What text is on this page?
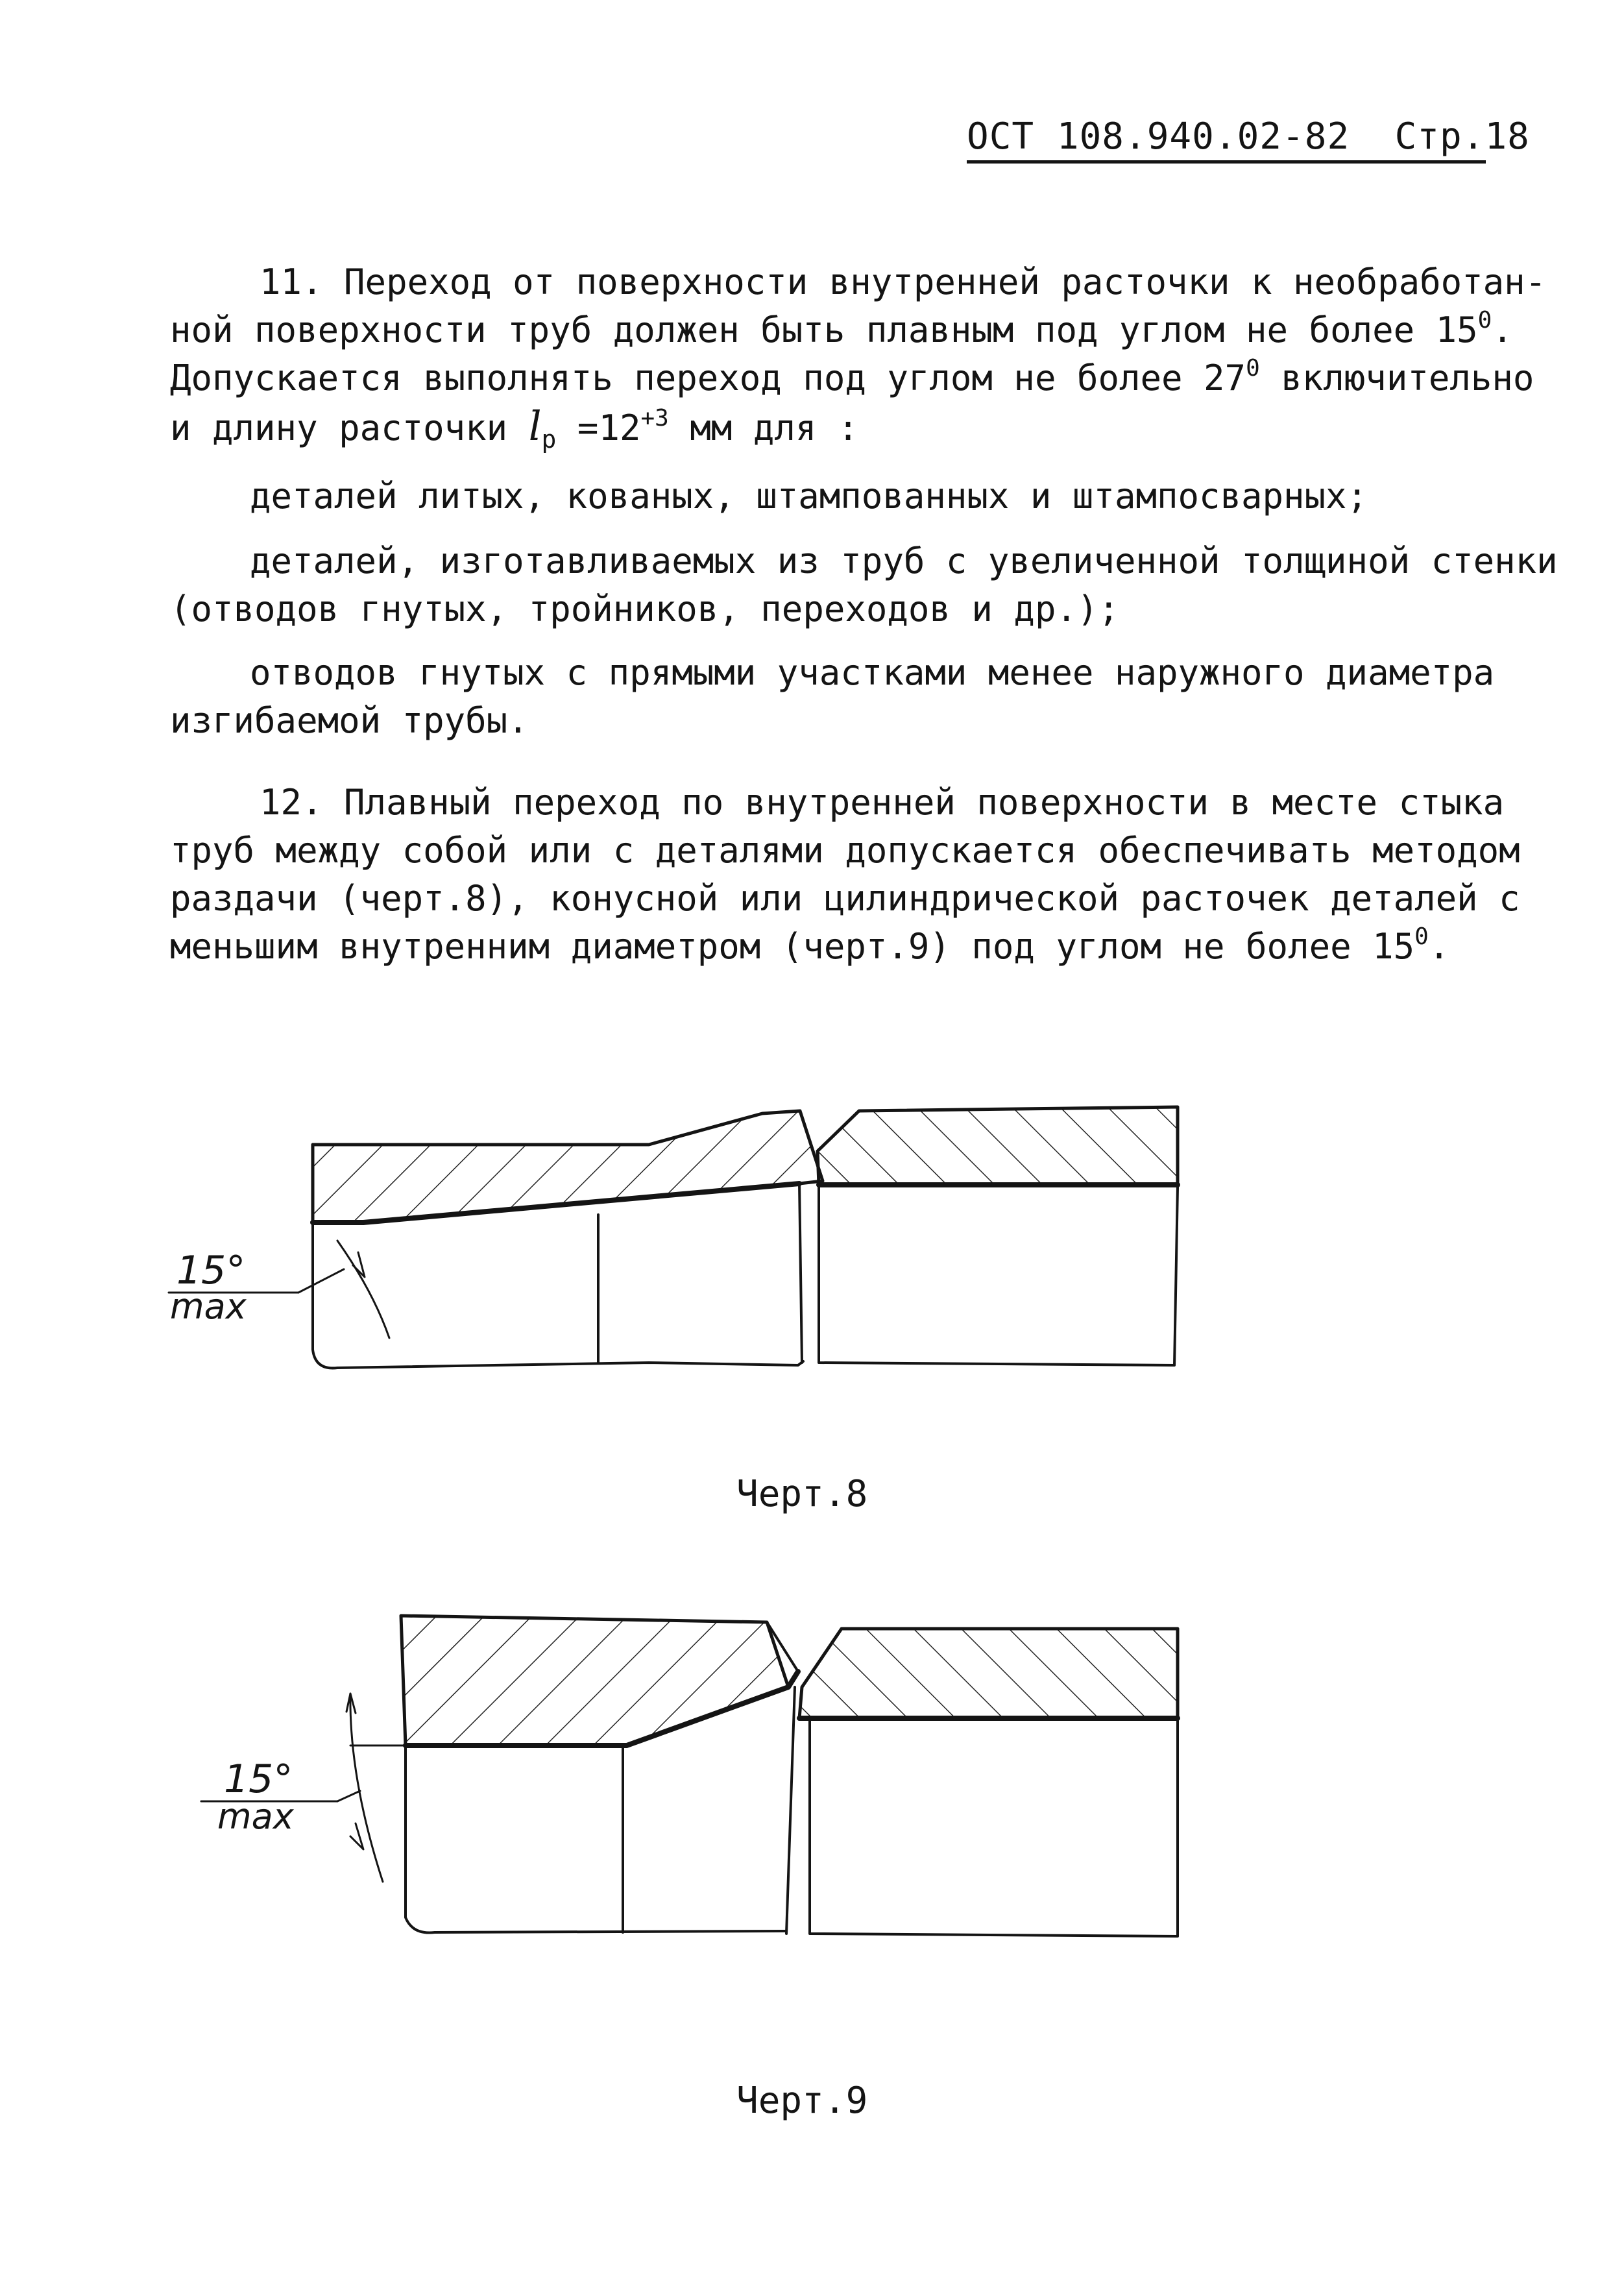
ОСТ 108.940.02-82 Стр.18
11. Переход от поверхности внутренней расточки к необработан-
ной поверхности труб должен быть плавным под углом не более $15^0$.
Допускается выполнять переход под углом не более $27^0$ включительно
и длину расточки $l_р =12^{+3}$ мм для :
деталей литых, кованых, штампованных и штампосварных;
деталей, изготавливаемых из труб с увеличенной толщиной стенки
(отводов гнутых, тройников, переходов и др.);
отводов гнутых с прямыми участками менее наружного диаметра
изгибаемой трубы.
12. Плавный переход по внутренней поверхности в месте стыка
труб между собой или с деталями допускается обеспечивать методом
раздачи (черт.8), конусной или цилиндрической расточек деталей с
меньшим внутренним диаметром (черт.9) под углом не более $15^0$.
15°
max
15°
max
Черт.8
Черт.9
